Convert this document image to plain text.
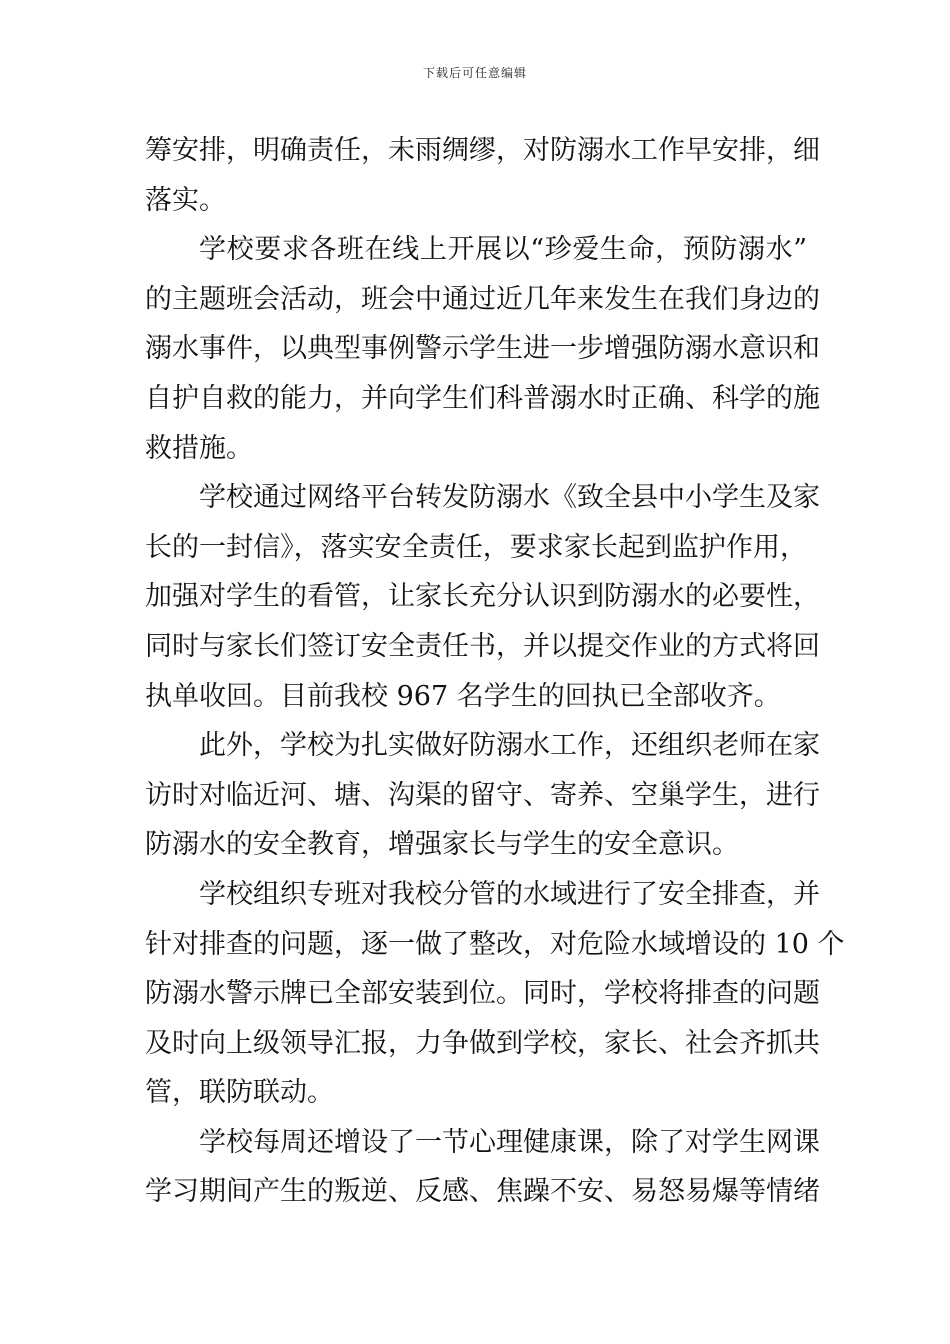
下载后可任意编辑
筹安排，明确责任，未雨绸缪，对防溺水工作早安排，细
落实。
学校要求各班在线上开展以“珍爱生命，预防溺水”
的主题班会活动，班会中通过近几年来发生在我们身边的
溺水事件，以典型事例警示学生进一步增强防溺水意识和
自护自救的能力，并向学生们科普溺水时正确、科学的施
救措施。
学校通过网络平台转发防溺水《致全县中小学生及家
长的一封信》，落实安全责任，要求家长起到监护作用，
加强对学生的看管，让家长充分认识到防溺水的必要性，
同时与家长们签订安全责任书，并以提交作业的方式将回
执单收回。目前我校 967 名学生的回执已全部收齐。
此外，学校为扎实做好防溺水工作，还组织老师在家
访时对临近河、塘、沟渠的留守、寄养、空巢学生，进行
防溺水的安全教育，增强家长与学生的安全意识。
学校组织专班对我校分管的水域进行了安全排查，并
针对排查的问题，逐一做了整改，对危险水域增设的 10 个
防溺水警示牌已全部安装到位。同时，学校将排查的问题
及时向上级领导汇报，力争做到学校，家长、社会齐抓共
管，联防联动。
学校每周还增设了一节心理健康课，除了对学生网课
学习期间产生的叛逆、反感、焦躁不安、易怒易爆等情绪
